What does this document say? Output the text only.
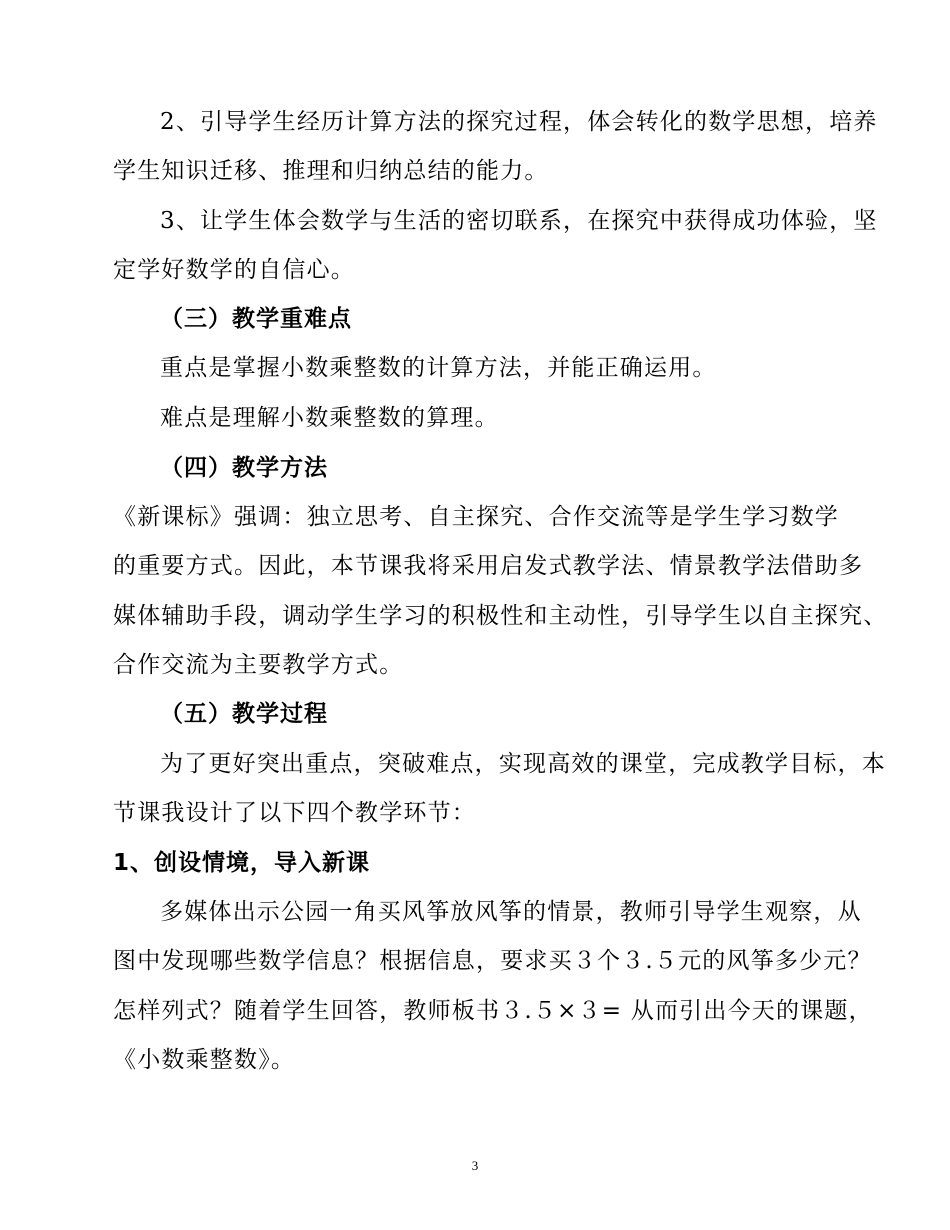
2、引导学生经历计算方法的探究过程，体会转化的数学思想，培养
学生知识迁移、推理和归纳总结的能力。
3、让学生体会数学与生活的密切联系，在探究中获得成功体验，坚
定学好数学的自信心。
（三）教学重难点
重点是掌握小数乘整数的计算方法，并能正确运用。
难点是理解小数乘整数的算理。
（四）教学方法
《新课标》强调：独立思考、自主探究、合作交流等是学生学习数学
的重要方式。因此，本节课我将采用启发式教学法、情景教学法借助多
媒体辅助手段，调动学生学习的积极性和主动性，引导学生以自主探究、
合作交流为主要教学方式。
（五）教学过程
为了更好突出重点，突破难点，实现高效的课堂，完成教学目标，本
节课我设计了以下四个教学环节：
1、创设情境，导入新课
多媒体出示公园一角买风筝放风筝的情景，教师引导学生观察，从
图中发现哪些数学信息？根据信息，要求买３个３.５元的风筝多少元？
怎样列式？随着学生回答，教师板书３.５×３= 从而引出今天的课题，
《小数乘整数》。
3
